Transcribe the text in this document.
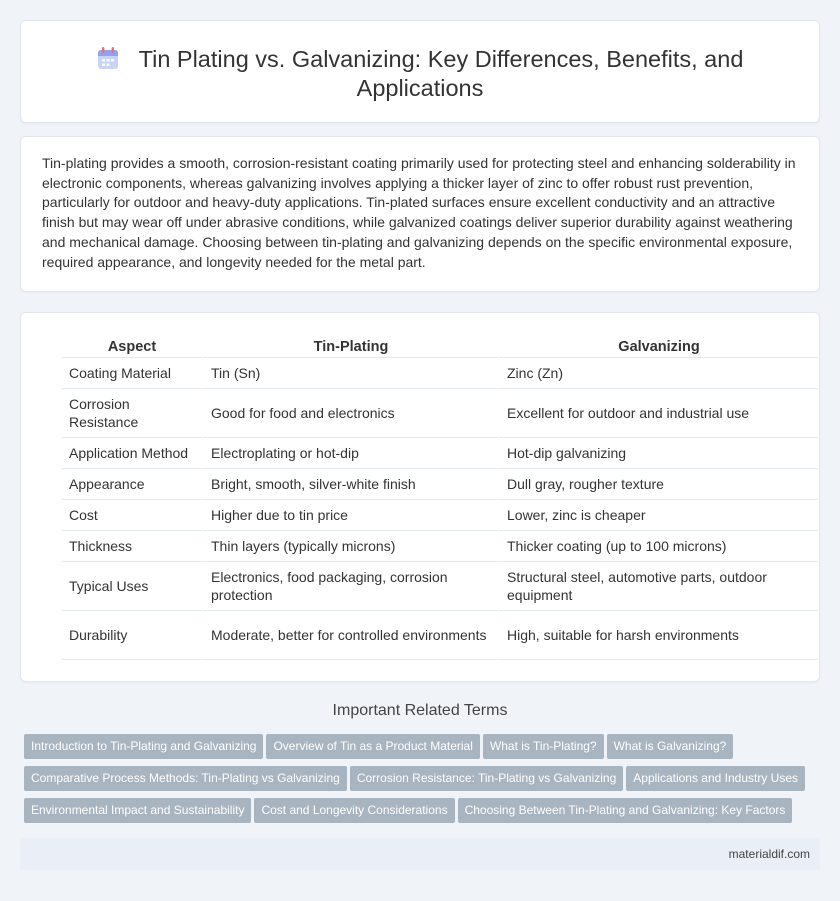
Tin Plating vs. Galvanizing: Key Differences, Benefits, and
Applications

Tin-plating provides a smooth, corrosion-resistant coating primarily used for protecting steel and enhancing solderability in electronic components, whereas galvanizing involves applying a thicker layer of zinc to offer robust rust prevention, particularly for outdoor and heavy-duty applications. Tin-plated surfaces ensure excellent conductivity and an attractive finish but may wear off under abrasive conditions, while galvanized coatings deliver superior durability against weathering and mechanical damage. Choosing between tin-plating and galvanizing depends on the specific environmental exposure, required appearance, and longevity needed for the metal part.

Aspect	Tin-Plating	Galvanizing
Coating Material	Tin (Sn)	Zinc (Zn)
Corrosion Resistance	Good for food and electronics	Excellent for outdoor and industrial use
Application Method	Electroplating or hot-dip	Hot-dip galvanizing
Appearance	Bright, smooth, silver-white finish	Dull gray, rougher texture
Cost	Higher due to tin price	Lower, zinc is cheaper
Thickness	Thin layers (typically microns)	Thicker coating (up to 100 microns)
Typical Uses	Electronics, food packaging, corrosion protection	Structural steel, automotive parts, outdoor equipment
Durability	Moderate, better for controlled environments	High, suitable for harsh environments
Important Related Terms
Introduction to Tin-Plating and Galvanizing Overview of Tin as a Product Material What is Tin-Plating? What is Galvanizing?
Comparative Process Methods: Tin-Plating vs Galvanizing Corrosion Resistance: Tin-Plating vs Galvanizing Applications and Industry Uses
Environmental Impact and Sustainability Cost and Longevity Considerations Choosing Between Tin-Plating and Galvanizing: Key Factors
materialdif.com
